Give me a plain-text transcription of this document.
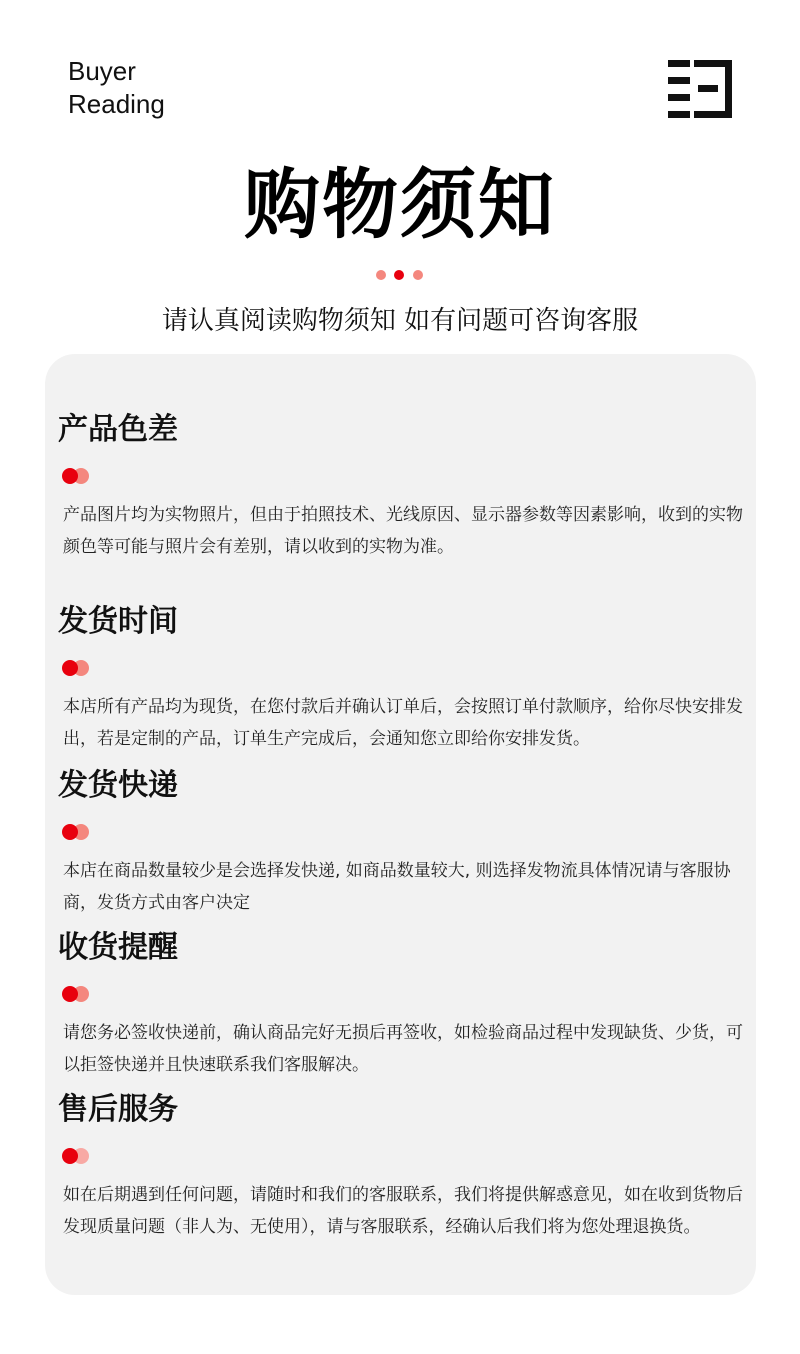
Buyer
Reading
购物须知
请认真阅读购物须知 如有问题可咨询客服
产品色差
产品图片均为实物照片，但由于拍照技术、光线原因、显示器参数等因素影响，收到的实物颜色等可能与照片会有差别，请以收到的实物为准。
发货时间
本店所有产品均为现货，在您付款后并确认订单后，会按照订单付款顺序，给你尽快安排发出，若是定制的产品，订单生产完成后，会通知您立即给你安排发货。
发货快递
本店在商品数量较少是会选择发快递, 如商品数量较大, 则选择发物流具体情况请与客服协商，发货方式由客户决定
收货提醒
请您务必签收快递前，确认商品完好无损后再签收，如检验商品过程中发现缺货、少货，可以拒签快递并且快速联系我们客服解决。
售后服务
如在后期遇到任何问题，请随时和我们的客服联系，我们将提供解惑意见，如在收到货物后发现质量问题（非人为、无使用），请与客服联系，经确认后我们将为您处理退换货。
